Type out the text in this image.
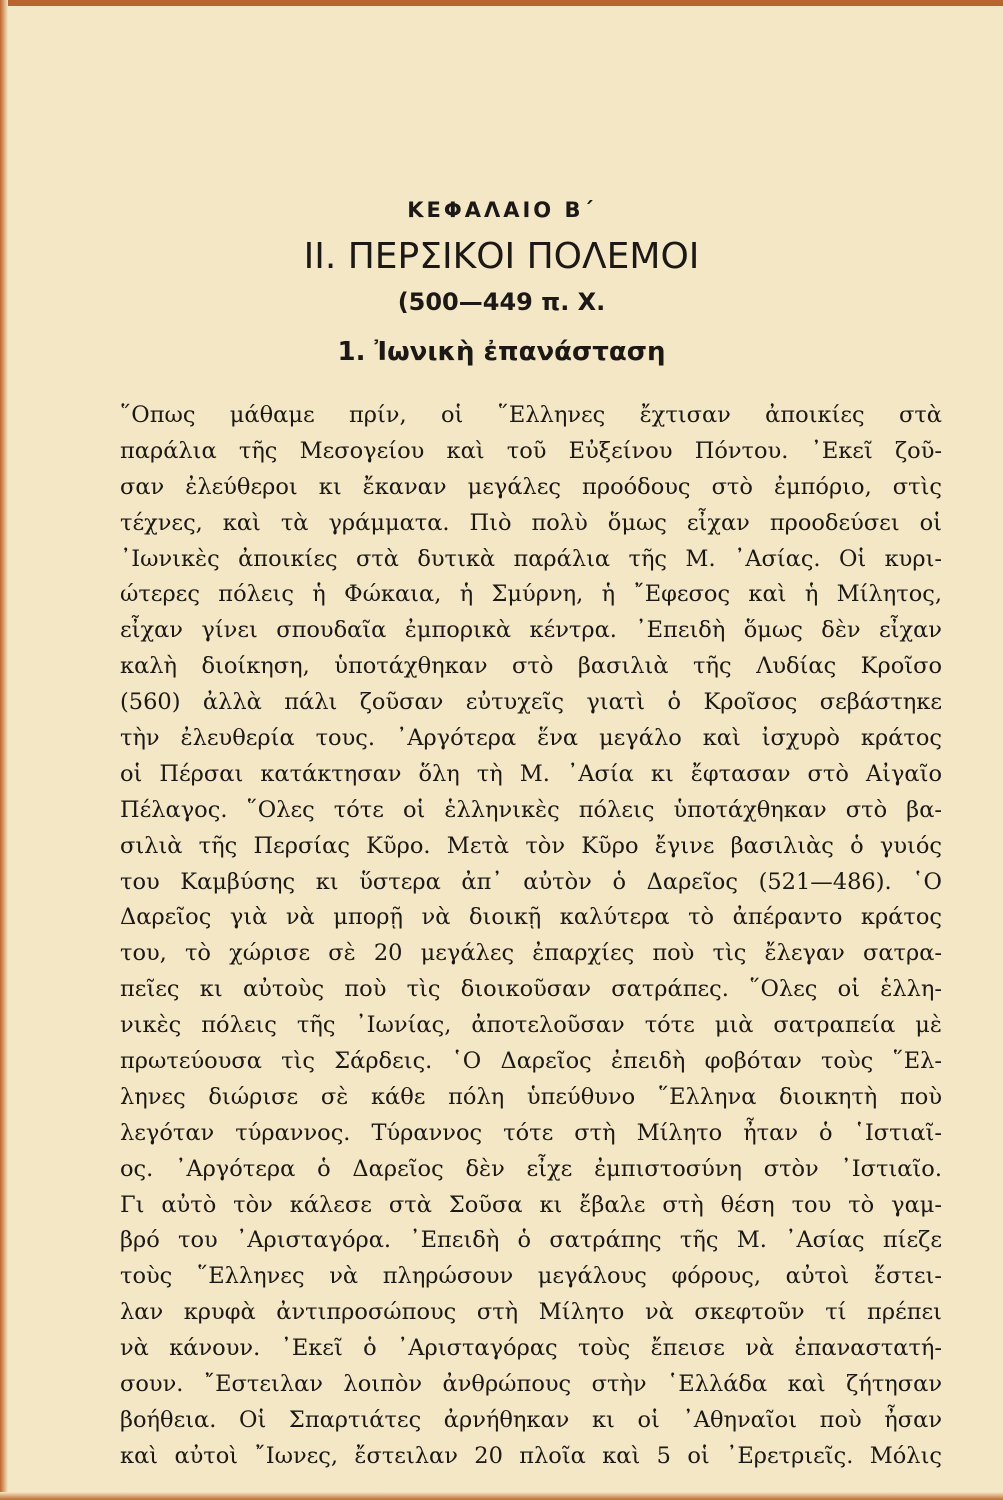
ΚΕΦΑΛΑΙΟ Β΄
ΙΙ. ΠΕΡΣΙΚΟΙ ΠΟΛΕΜΟΙ
(500—449 π. Χ.
1. Ἰωνικὴ ἐπανάσταση
῞Οπως μάθαμε πρίν, οἱ ῞Ελληνες ἔχτισαν ἀποικίες στὰ
παράλια τῆς Μεσογείου καὶ τοῦ Εὐξείνου Πόντου. ᾿Εκεῖ ζοῦ-
σαν ἐλεύθεροι κι ἔκαναν μεγάλες προόδους στὸ ἐμπόριο, στὶς
τέχνες, καὶ τὰ γράμματα. Πιὸ πολὺ ὅμως εἶχαν προοδεύσει οἱ
᾿Ιωνικὲς ἀποικίες στὰ δυτικὰ παράλια τῆς Μ. ᾿Ασίας. Οἱ κυρι-
ώτερες πόλεις ἡ Φώκαια, ἡ Σμύρνη, ἡ ῎Εφεσος καὶ ἡ Μίλητος,
εἶχαν γίνει σπουδαῖα ἐμπορικὰ κέντρα. ᾿Επειδὴ ὅμως δὲν εἶχαν
καλὴ διοίκηση, ὑποτάχθηκαν στὸ βασιλιὰ τῆς Λυδίας Κροῖσο
(560) ἀλλὰ πάλι ζοῦσαν εὐτυχεῖς γιατὶ ὁ Κροῖσος σεβάστηκε
τὴν ἐλευθερία τους. ᾿Αργότερα ἕνα μεγάλο καὶ ἰσχυρὸ κράτος
οἱ Πέρσαι κατάκτησαν ὅλη τὴ Μ. ᾿Ασία κι ἔφτασαν στὸ Αἰγαῖο
Πέλαγος. ῞Ολες τότε οἱ ἑλληνικὲς πόλεις ὑποτάχθηκαν στὸ βα-
σιλιὰ τῆς Περσίας Κῦρο. Μετὰ τὸν Κῦρο ἔγινε βασιλιὰς ὁ γυιός
του Καμβύσης κι ὕστερα ἀπ᾿ αὐτὸν ὁ Δαρεῖος (521—486). ῾Ο
Δαρεῖος γιὰ νὰ μπορῇ νὰ διοικῇ καλύτερα τὸ ἀπέραντο κράτος
του, τὸ χώρισε σὲ 20 μεγάλες ἐπαρχίες ποὺ τὶς ἔλεγαν σατρα-
πεῖες κι αὐτοὺς ποὺ τὶς διοικοῦσαν σατράπες. ῞Ολες οἱ ἑλλη-
νικὲς πόλεις τῆς ᾿Ιωνίας, ἀποτελοῦσαν τότε μιὰ σατραπεία μὲ
πρωτεύουσα τὶς Σάρδεις. ῾Ο Δαρεῖος ἐπειδὴ φοβόταν τοὺς ῞Ελ-
ληνες διώρισε σὲ κάθε πόλη ὑπεύθυνο ῞Ελληνα διοικητὴ ποὺ
λεγόταν τύραννος. Τύραννος τότε στὴ Μίλητο ἦταν ὁ ῾Ιστιαῖ-
ος. ᾿Αργότερα ὁ Δαρεῖος δὲν εἶχε ἐμπιστοσύνη στὸν ᾿Ιστιαῖο.
Γι αὐτὸ τὸν κάλεσε στὰ Σοῦσα κι ἔβαλε στὴ θέση του τὸ γαμ-
βρό του ᾿Αρισταγόρα. ᾿Επειδὴ ὁ σατράπης τῆς Μ. ᾿Ασίας πίεζε
τοὺς ῞Ελληνες νὰ πληρώσουν μεγάλους φόρους, αὐτοὶ ἔστει-
λαν κρυφὰ ἀντιπροσώπους στὴ Μίλητο νὰ σκεφτοῦν τί πρέπει
νὰ κάνουν. ᾿Εκεῖ ὁ ᾿Αρισταγόρας τοὺς ἔπεισε νὰ ἐπαναστατή-
σουν. ῎Εστειλαν λοιπὸν ἀνθρώπους στὴν ῾Ελλάδα καὶ ζήτησαν
βοήθεια. Οἱ Σπαρτιάτες ἀρνήθηκαν κι οἱ ᾿Αθηναῖοι ποὺ ἦσαν
καὶ αὐτοὶ ῎Ιωνες, ἔστειλαν 20 πλοῖα καὶ 5 οἱ ᾿Ερετριεῖς. Μόλις
